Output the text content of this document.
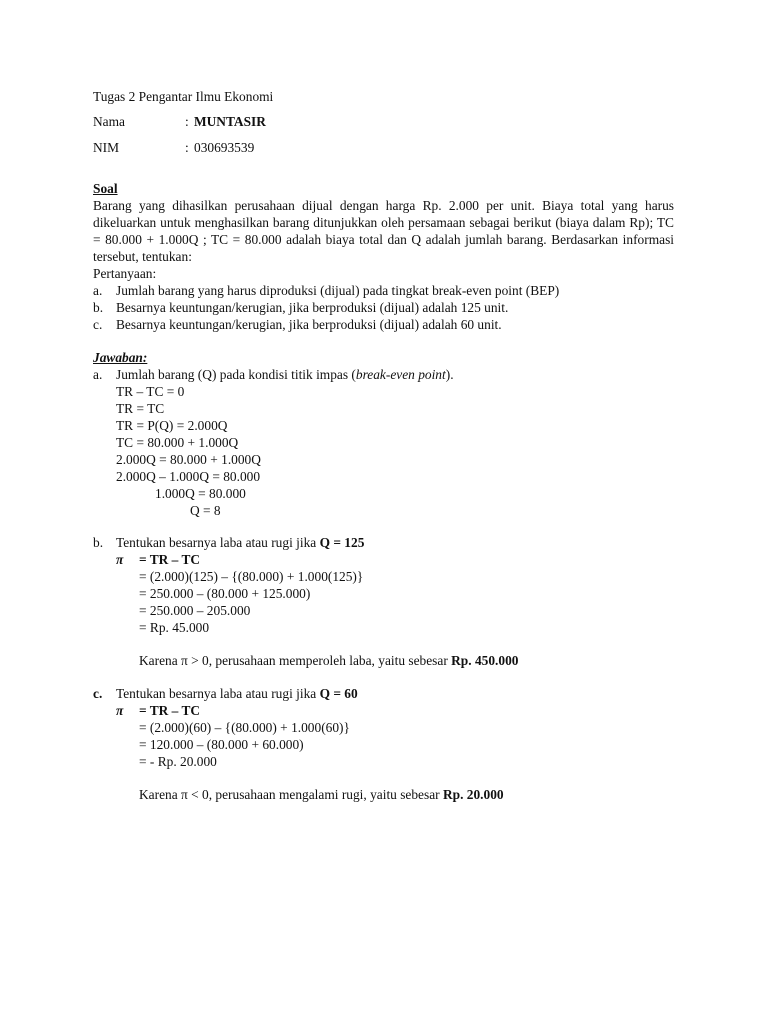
Tugas 2 Pengantar Ilmu Ekonomi
Nama	: MUNTASIR
NIM	: 030693539
Soal
Barang yang dihasilkan perusahaan dijual dengan harga Rp. 2.000 per unit. Biaya total yang harus dikeluarkan untuk menghasilkan barang ditunjukkan oleh persamaan sebagai berikut (biaya dalam Rp); TC = 80.000 + 1.000Q ; TC = 80.000 adalah biaya total dan Q adalah jumlah barang. Berdasarkan informasi tersebut, tentukan:
Pertanyaan:
a. Jumlah barang yang harus diproduksi (dijual) pada tingkat break-even point (BEP)
b. Besarnya keuntungan/kerugian, jika berproduksi (dijual) adalah 125 unit.
c. Besarnya keuntungan/kerugian, jika berproduksi (dijual) adalah 60 unit.
Jawaban:
a. Jumlah barang (Q) pada kondisi titik impas (break-even point).
TR – TC = 0
TR = TC
TR = P(Q) = 2.000Q
TC = 80.000 + 1.000Q
2.000Q = 80.000 + 1.000Q
2.000Q – 1.000Q = 80.000
1.000Q = 80.000
Q = 8
b. Tentukan besarnya laba atau rugi jika Q = 125
π = TR – TC
= (2.000)(125) – {(80.000) + 1.000(125)}
= 250.000 – (80.000 + 125.000)
= 250.000 – 205.000
= Rp. 45.000
Karena π > 0, perusahaan memperoleh laba, yaitu sebesar Rp. 450.000
c. Tentukan besarnya laba atau rugi jika Q = 60
π = TR – TC
= (2.000)(60) – {(80.000) + 1.000(60)}
= 120.000 – (80.000 + 60.000)
= - Rp. 20.000
Karena π < 0, perusahaan mengalami rugi, yaitu sebesar Rp. 20.000
